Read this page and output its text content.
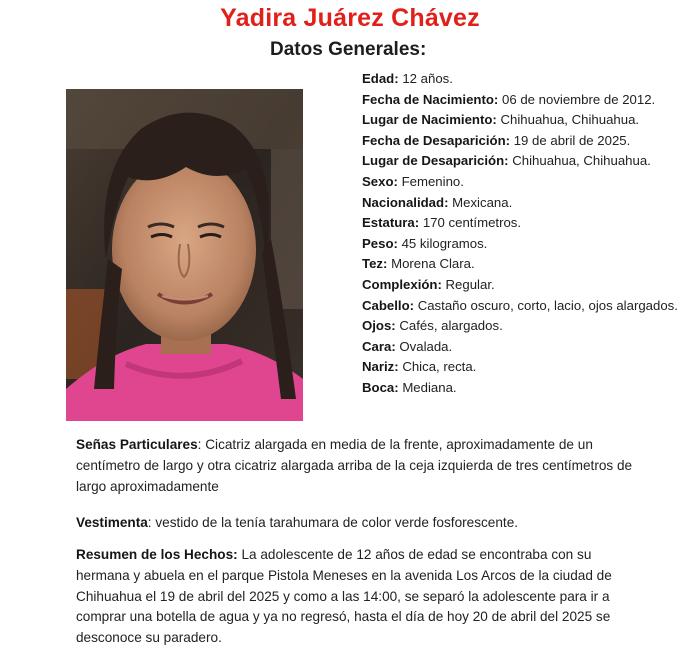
Yadira Juárez Chávez
Datos Generales:
Edad: 12 años.
Fecha de Nacimiento: 06 de noviembre de 2012.
Lugar de Nacimiento: Chihuahua, Chihuahua.
Fecha de Desaparición: 19 de abril de 2025.
Lugar de Desaparición: Chihuahua, Chihuahua.
Sexo: Femenino.
Nacionalidad: Mexicana.
Estatura: 170 centímetros.
Peso: 45 kilogramos.
Tez: Morena Clara.
Complexión: Regular.
Cabello: Castaño oscuro, corto, lacio, ojos alargados.
Ojos: Cafés, alargados.
Cara: Ovalada.
Nariz: Chica, recta.
Boca: Mediana.
Señas Particulares: Cicatriz alargada en media de la frente, aproximadamente de un centímetro de largo y otra cicatriz alargada arriba de la ceja izquierda de tres centímetros de largo aproximadamente
Vestimenta: vestido de la tenía tarahumara de color verde fosforescente.
Resumen de los Hechos: La adolescente de 12 años de edad se encontraba con su hermana y abuela en el parque Pistola Meneses en la avenida Los Arcos de la ciudad de Chihuahua el 19 de abril del 2025 y como a las 14:00, se separó la adolescente para ir a comprar una botella de agua y ya no regresó, hasta el día de hoy 20 de abril del 2025 se desconoce su paradero.
